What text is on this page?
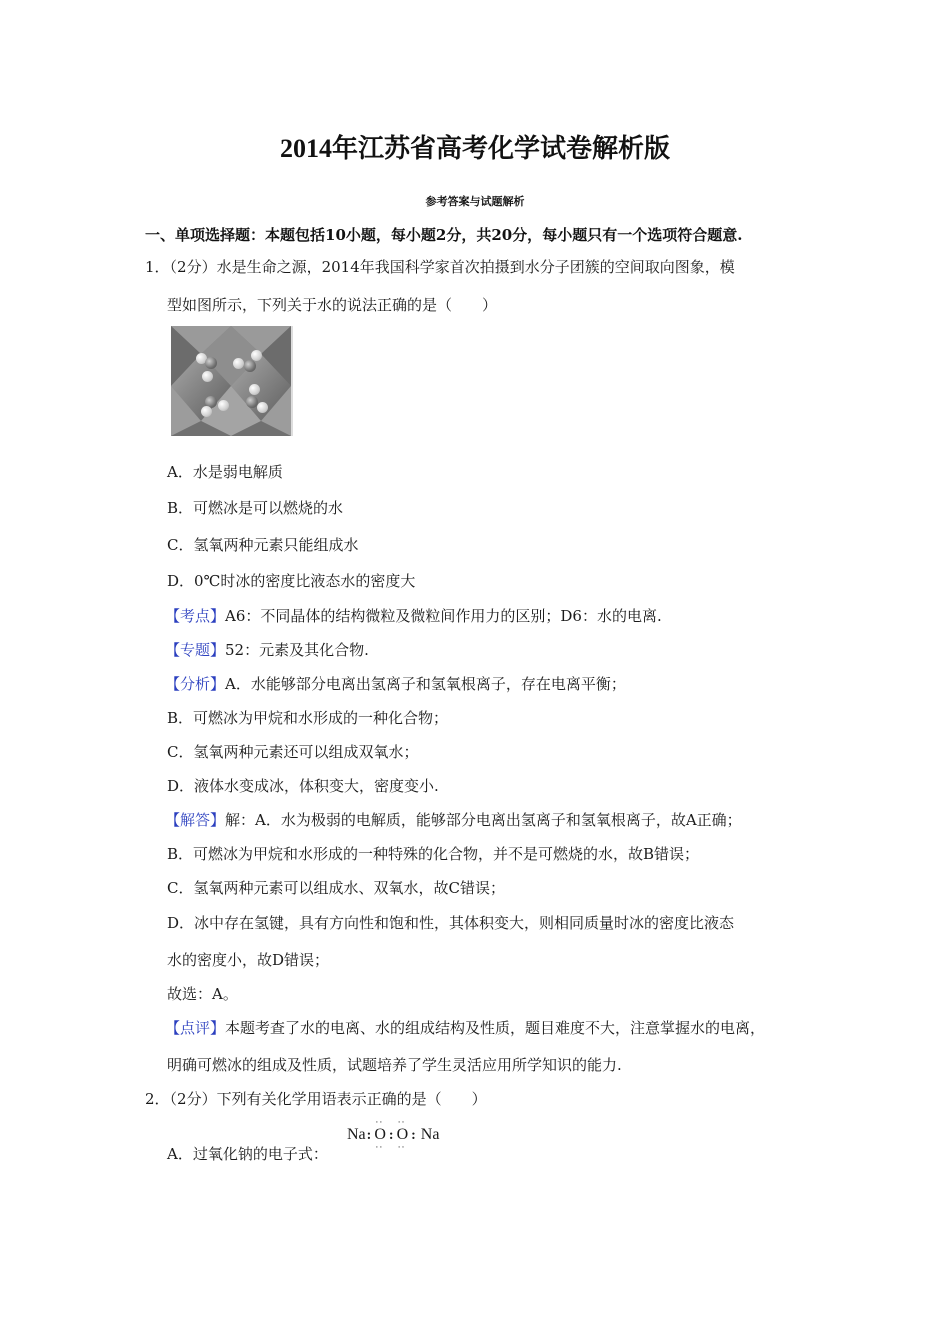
2014年江苏省高考化学试卷解析版
参考答案与试题解析
一、单项选择题：本题包括10小题，每小题2分，共20分，每小题只有一个选项符合题意.
1．（2分）水是生命之源，2014年我国科学家首次拍摄到水分子团簇的空间取向图象，模
型如图所示，下列关于水的说法正确的是（　　）
A．水是弱电解质
B．可燃冰是可以燃烧的水
C．氢氧两种元素只能组成水
D．0℃时冰的密度比液态水的密度大
【考点】A6：不同晶体的结构微粒及微粒间作用力的区别；D6：水的电离.
【专题】52：元素及其化合物.
【分析】A．水能够部分电离出氢离子和氢氧根离子，存在电离平衡；
B．可燃冰为甲烷和水形成的一种化合物；
C．氢氧两种元素还可以组成双氧水；
D．液体水变成冰，体积变大，密度变小.
【解答】解：A．水为极弱的电解质，能够部分电离出氢离子和氢氧根离子，故A正确；
B．可燃冰为甲烷和水形成的一种特殊的化合物，并不是可燃烧的水，故B错误；
C．氢氧两种元素可以组成水、双氧水，故C错误；
D．冰中存在氢键，具有方向性和饱和性，其体积变大，则相同质量时冰的密度比液态
水的密度小，故D错误；
故选：A。
【点评】本题考查了水的电离、水的组成结构及性质，题目难度不大，注意掌握水的电离，
明确可燃冰的组成及性质，试题培养了学生灵活应用所学知识的能力.
2．（2分）下列有关化学用语表示正确的是（　　）
A．过氧化钠的电子式：
Na:
··
O
··
:
··
O
··
: Na
